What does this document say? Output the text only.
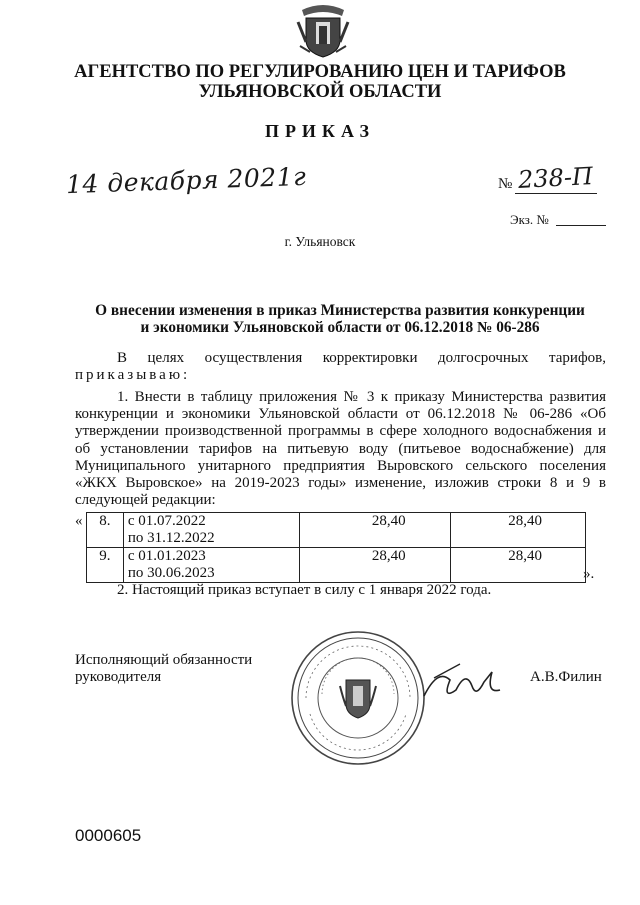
АГЕНТСТВО ПО РЕГУЛИРОВАНИЮ ЦЕН И ТАРИФОВ
УЛЬЯНОВСКОЙ ОБЛАСТИ
ПРИКАЗ
14 декабря 2021г	№ 238-П
Экз. №
г. Ульяновск
О внесении изменения в приказ Министерства развития конкуренции
и экономики Ульяновской области от 06.12.2018 № 06-286
В целях осуществления корректировки долгосрочных тарифов,
приказываю:
1. Внести в таблицу приложения № 3 к приказу Министерства развития конкуренции и экономики Ульяновской области от 06.12.2018 № 06-286 «Об утверждении производственной программы в сфере холодного водоснабжения и об установлении тарифов на питьевую воду (питьевое водоснабжение) для Муниципального унитарного предприятия Выровского сельского поселения «ЖКХ Выровское» на 2019-2023 годы» изменение, изложив строки 8 и 9 в следующей редакции:
« 8.	с 01.07.2022
по 31.12.2022	28,40	28,40
9.	с 01.01.2023
по 30.06.2023	28,40	28,40
».
2. Настоящий приказ вступает в силу с 1 января 2022 года.
Исполняющий обязанности
руководителя	А.В.Филин
0000605
